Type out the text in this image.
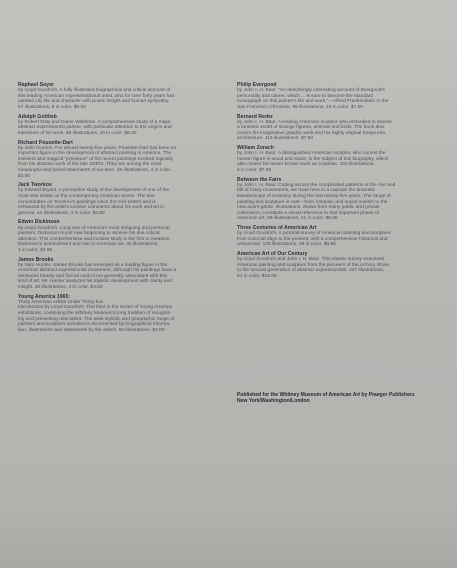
Raphael Soyer
by Lloyd Goodrich. A fully illustrated biographical and critical account of
this leading American representational artist, who for over forty years has
painted city life and character with poetic insight and human sympathy.
57 illustrations, 8 in color. $6.00
Adolph Gottlieb
by Robert Doty and Diane Waldman. A comprehensive study of a major
abstract expressionist painter, with particular attention to the origins and
intentions of his work. 86 illustrations, 19 in color. $6.00
Richard Pousette-Dart
by John Gordon. For almost twenty-five years, Pousette-Dart has been an
important figure in the development of abstract painting in America. The
insistent and magical "presence" of his recent paintings evolved logically
from his abstract work of the late 1930's. They are among the most
meaningful and lyrical statements of our time. 46 illustrations, 4 in color.
$3.50
Jack Tworkov
by Edward Bryant. A perceptive study of the development of one of the
most vital artists on the contemporary American scene. The text
concentrates on Tworkov's paintings since the mid-1940's and is
enhanced by the artist's incisive comments about his work and art in
general. 44 illustrations, 4 in color. $3.50
Edwin Dickinson
by Lloyd Goodrich. Long one of America's most intriguing and personal
painters, Dickinson is just now beginning to receive his due critical
attention. This comprehensive and incisive study is the first to measure
Dickinson's achievement and role in American art. 44 illustrations,
4 in color. $4.95
James Brooks
by Sam Hunter. James Brooks has emerged as a leading figure in the
American abstract expressionist movement, although his paintings have a
sensuous beauty and formal control not generally associated with this
kind of art. Mr. Hunter analyzes his stylistic development with clarity and
insight. 46 illustrations, 4 in color. $3.50
Young America 1965:
Thirty American Artists Under Thirty-five
Introduction by Lloyd Goodrich. The third in the series of Young America
exhibitions, continuing the Whitney Museum's long tradition of recogniz-
ing and presenting new talent. The wide stylistic and geographic range of
painters and sculptors included is documented by biographical informa-
tion, illustrations and statements by the artists. 50 illustrations. $4.00
Philip Evergood
by John I. H. Baur. "An absorbingly interesting account of Evergood's
personality and career, which ... is sure to become the standard
monograph on this painter's life and work."—Alfred Frankenstein in the
San Francisco Chronicle. 95 illustrations, 16 in color. $7.50
Bernard Reder
by John I. H. Baur. A leading American sculptor who embodied in bronze
a fantastic world of strange figures, animals and birds. The book also
covers his imaginative graphic work and his highly original forays into
architecture. 114 illustrations. $7.50
William Zorach
by John I. H. Baur. A distinguished American sculptor, who carved the
human figure in wood and stone, is the subject of this biography, which
also covers his lesser-known work as a painter. 150 illustrations,
4 in color. $7.50
Between the Fairs
by John I. H. Baur. Cutting across the complicated patterns of the rise and
fall of many movements, we have here in a capsule the dramatic
kaleidoscope of creativity during the last twenty-five years. The range of
painting and sculpture is vast—from romantic and social realism to the
new avant-garde. Illustrations, drawn from many public and private
collections, constitute a visual reference to that important phase of
American art. 88 illustrations, 21 in color. $6.95
Three Centuries of American Art
by Lloyd Goodrich. A pictorial survey of American painting and sculpture
from Colonial days to the present, with a comprehensive historical and
critical text. 130 illustrations, 39 in color. $8.95
American Art of Our Century
by Lloyd Goodrich and John I. H. Baur. This classic survey examines
American painting and sculpture from the pioneers of the Armory Show
to the second generation of abstract expressionists. 247 illustrations,
81 in color. $15.00
Published for the Whitney Museum of American Art by Praeger Publishers
New York/Washington/London
